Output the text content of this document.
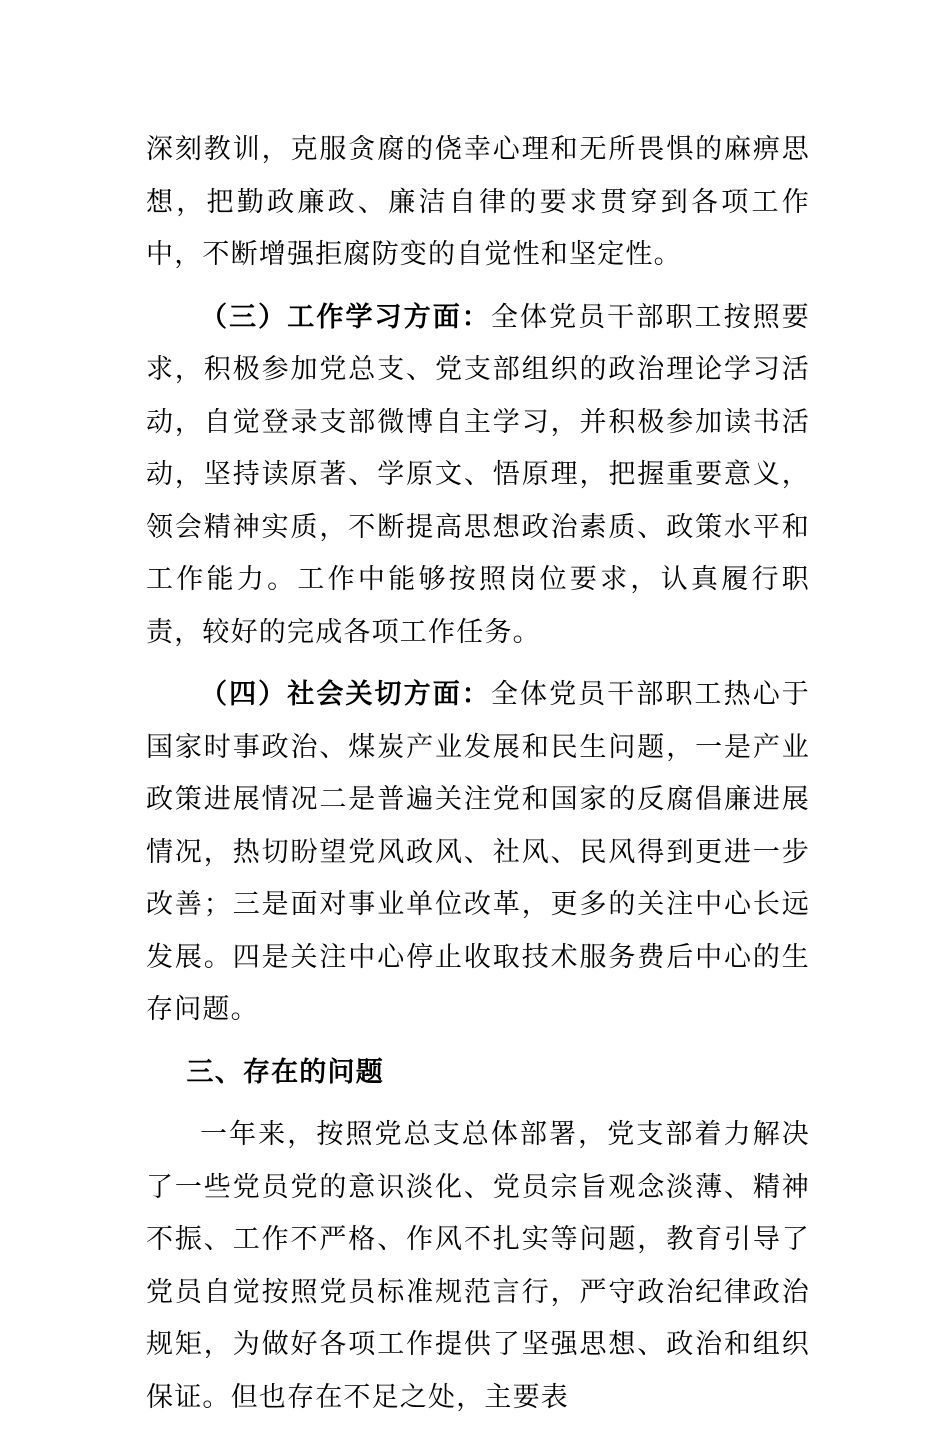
深刻教训，克服贪腐的侥幸心理和无所畏惧的麻痹思想，把勤政廉政、廉洁自律的要求贯穿到各项工作中，不断增强拒腐防变的自觉性和坚定性。

（三）工作学习方面：全体党员干部职工按照要求，积极参加党总支、党支部组织的政治理论学习活动，自觉登录支部微博自主学习，并积极参加读书活动，坚持读原著、学原文、悟原理，把握重要意义，领会精神实质，不断提高思想政治素质、政策水平和工作能力。工作中能够按照岗位要求，认真履行职责，较好的完成各项工作任务。

（四）社会关切方面：全体党员干部职工热心于国家时事政治、煤炭产业发展和民生问题，一是产业政策进展情况二是普遍关注党和国家的反腐倡廉进展情况，热切盼望党风政风、社风、民风得到更进一步改善；三是面对事业单位改革，更多的关注中心长远发展。四是关注中心停止收取技术服务费后中心的生存问题。

三、存在的问题

一年来，按照党总支总体部署，党支部着力解决了一些党员党的意识淡化、党员宗旨观念淡薄、精神不振、工作不严格、作风不扎实等问题，教育引导了党员自觉按照党员标准规范言行，严守政治纪律政治规矩，为做好各项工作提供了坚强思想、政治和组织保证。但也存在不足之处，主要表
